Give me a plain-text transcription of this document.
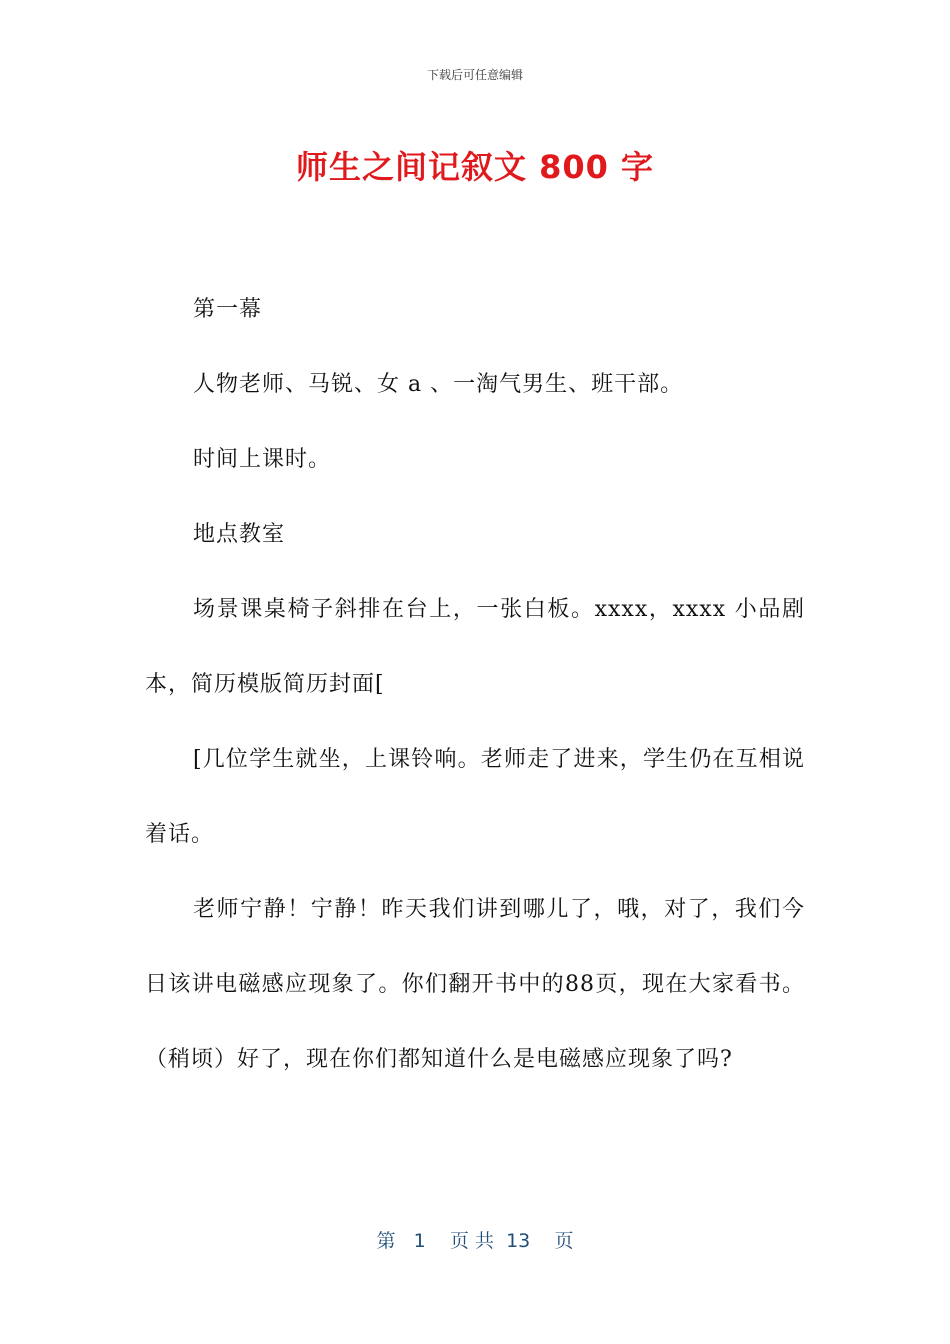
下载后可任意编辑
师生之间记叙文 800 字

第一幕

人物老师、马锐、女 a 、一淘气男生、班干部。

时间上课时。

地点教室

场景课桌椅子斜排在台上，一张白板。xxxx，xxxx 小品剧本，简历模版简历封面[

[几位学生就坐，上课铃响。老师走了进来，学生仍在互相说着话。

老师宁静！宁静！昨天我们讲到哪儿了，哦，对了，我们今日该讲电磁感应现象了。你们翻开书中的88页，现在大家看书。（稍顷）好了，现在你们都知道什么是电磁感应现象了吗?

第 1 页 共 13 页
